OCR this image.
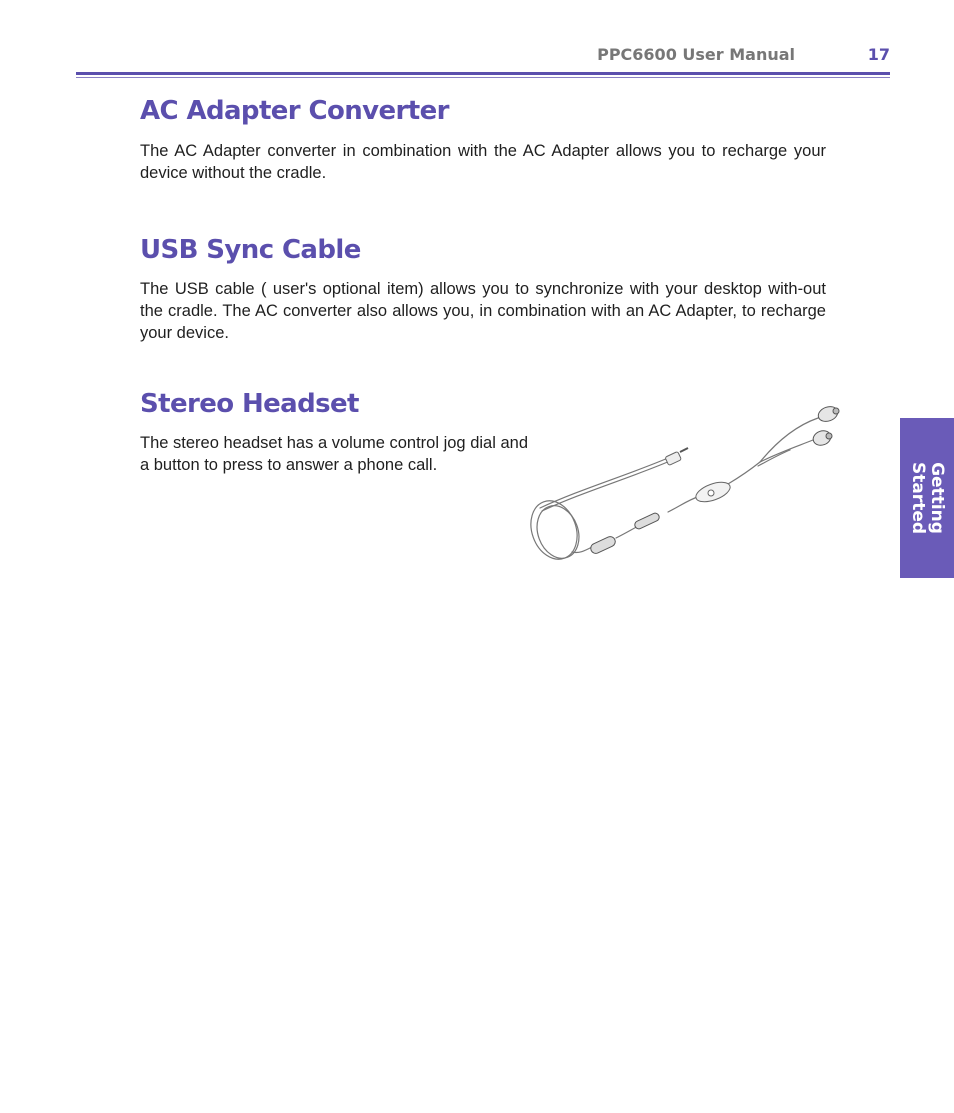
PPC6600 User Manual	17
AC Adapter Converter

The AC Adapter converter in combination with the AC Adapter allows you to recharge your device without the cradle.

USB Sync Cable

The USB cable ( user's optional item) allows you to synchronize with your desktop with-out the cradle. The AC converter also allows you, in combination with an AC Adapter, to recharge your device.

Stereo Headset

The stereo headset has a volume control jog dial and a button to press to answer a phone call.	Getting
Started
